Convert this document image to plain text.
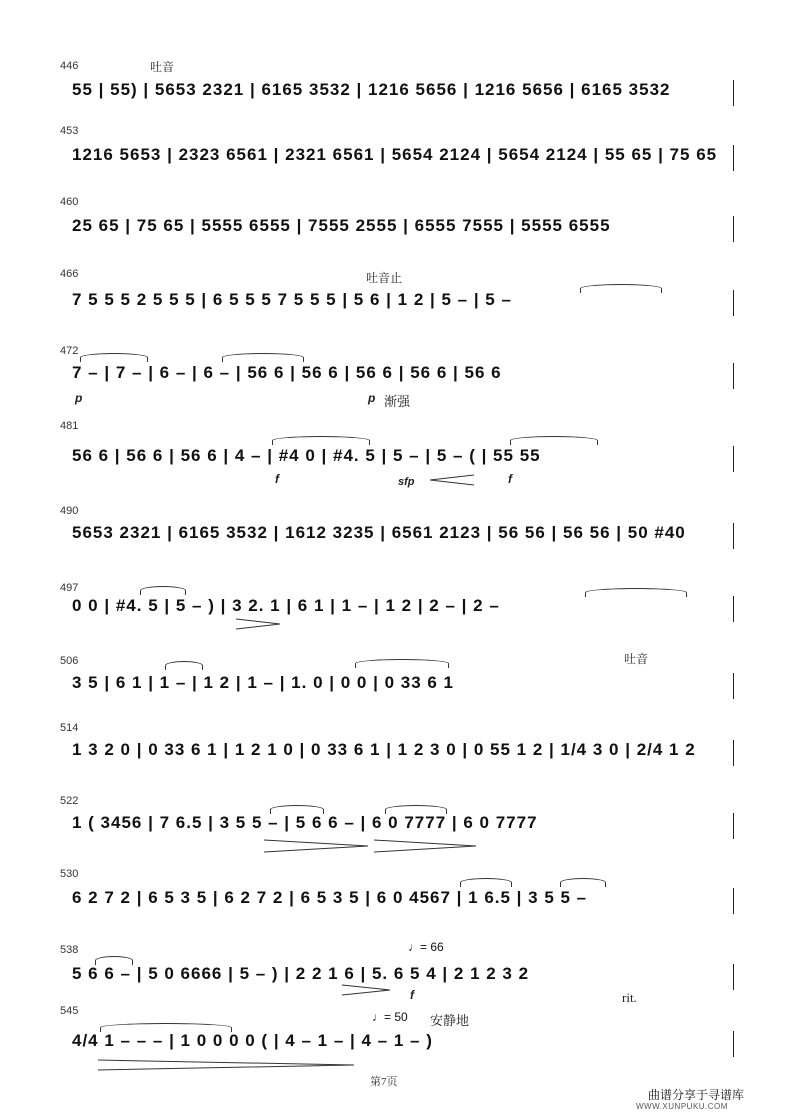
446	吐音
55 | 55) | 5653 2321 | 6165 3532 | 1216 5656 | 1216 5656 | 6165 3532
453
1216 5653 | 2323 6561 | 2321 6561 | 5654 2124 | 5654 2124 | 55 65 | 75 65
460
25 65 | 75 65 | 5555 6555 | 7555 2555 | 6555 7555 | 5555 6555
466	吐音止
7 5 5 5 2 5 5 5 | 6 5 5 5 7 5 5 5 | 5 6 | 1 2 | 5 – | 5 –
472
7 – | 7 – | 6 – | 6 – | 56 6 | 56 6 | 56 6 | 56 6 | 56 6
p	p 渐强
481
56 6 | 56 6 | 56 6 | 4 – | #4 0 | #4. 5 | 5 – | 5 – ( | 55 55
f	sfp	f
490
5653 2321 | 6165 3532 | 1612 3235 | 6561 2123 | 56 56 | 56 56 | 50 #40
497
0 0 | #4. 5 | 5 – ) | 3 2. 1 | 6 1 | 1 – | 1 2 | 2 – | 2 –
506	吐音
3 5 | 6 1 | 1 – | 1 2 | 1 – | 1. 0 | 0 0 | 0 33 6 1
514
1 3 2 0 | 0 33 6 1 | 1 2 1 0 | 0 33 6 1 | 1 2 3 0 | 0 55 1 2 | 1/4 3 0 | 2/4 1 2
522
1 ( 3456 | 7 6.5 | 3 5 5 – | 5 6 6 – | 6 0 7777 | 6 0 7777
530
6 2 7 2 | 6 5 3 5 | 6 2 7 2 | 6 5 3 5 | 6 0 4567 | 1 6.5 | 3 5 5 –
538	♩= 66
5 6 6 – | 5 0 6666 | 5 – ) | 2 2 1 6 | 5. 6 5 4 | 2 1 2 3 2
f	rit.
545	♩= 50 安静地
4/4 1 – – – | 1 0 0 0 0 ( | 4 – 1 – | 4 – 1 – )
第7页
曲谱分享于寻谱库
WWW.XUNPUKU.COM
